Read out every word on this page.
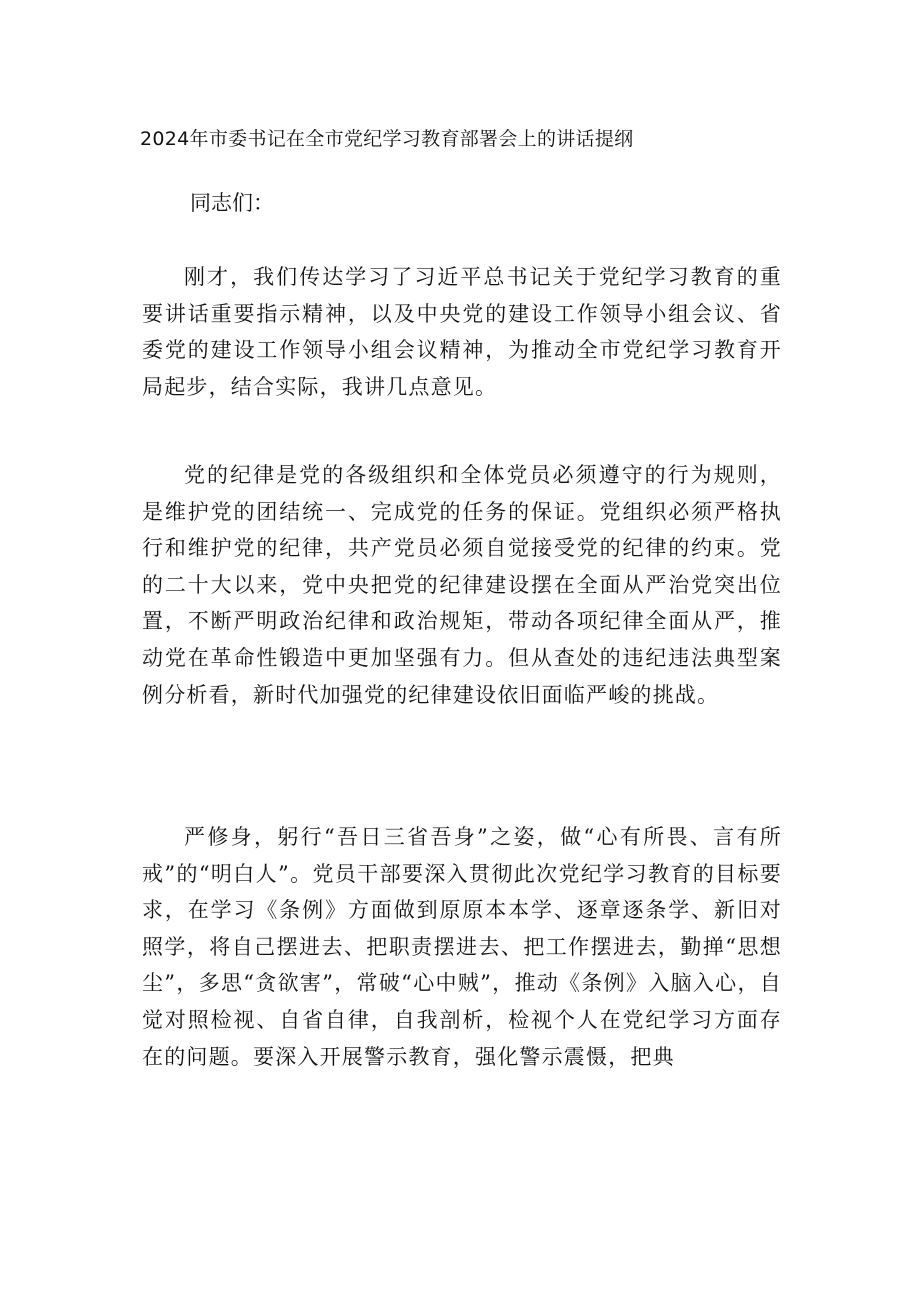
2024年市委书记在全市党纪学习教育部署会上的讲话提纲

同志们：

刚才，我们传达学习了习近平总书记关于党纪学习教育的重要讲话重要指示精神，以及中央党的建设工作领导小组会议、省委党的建设工作领导小组会议精神，为推动全市党纪学习教育开局起步，结合实际，我讲几点意见。

党的纪律是党的各级组织和全体党员必须遵守的行为规则，是维护党的团结统一、完成党的任务的保证。党组织必须严格执行和维护党的纪律，共产党员必须自觉接受党的纪律的约束。党的二十大以来，党中央把党的纪律建设摆在全面从严治党突出位置，不断严明政治纪律和政治规矩，带动各项纪律全面从严，推动党在革命性锻造中更加坚强有力。但从查处的违纪违法典型案例分析看，新时代加强党的纪律建设依旧面临严峻的挑战。

严修身，躬行“吾日三省吾身”之姿，做“心有所畏、言有所戒”的“明白人”。党员干部要深入贯彻此次党纪学习教育的目标要求，在学习《条例》方面做到原原本本学、逐章逐条学、新旧对照学，将自己摆进去、把职责摆进去、把工作摆进去，勤掸“思想尘”，多思“贪欲害”，常破“心中贼”，推动《条例》入脑入心，自觉对照检视、自省自律，自我剖析，检视个人在党纪学习方面存在的问题。要深入开展警示教育，强化警示震慑，把典
